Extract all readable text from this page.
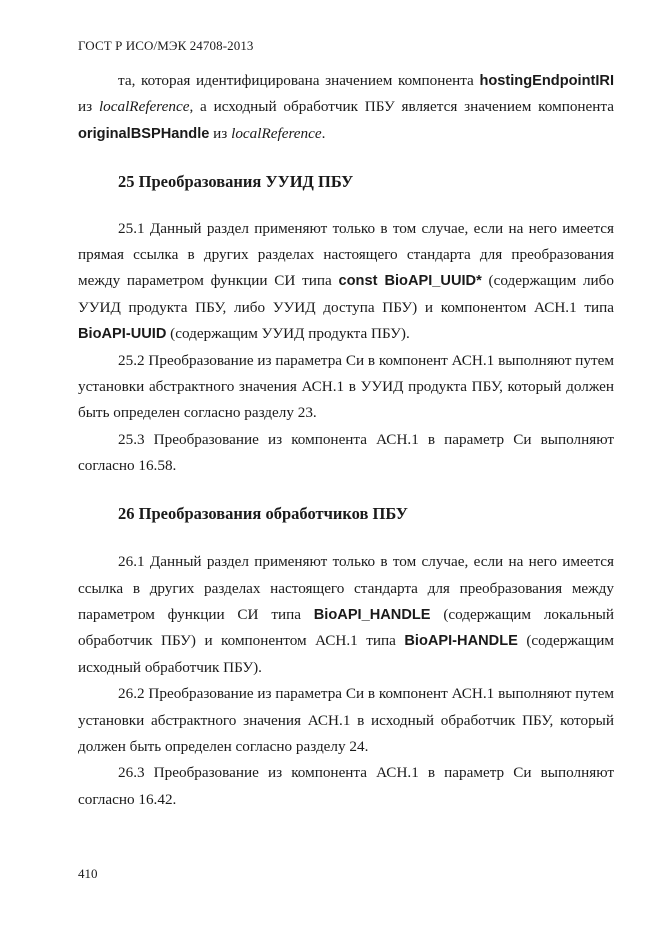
ГОСТ Р ИСО/МЭК 24708-2013

та, которая идентифицирована значением компонента hostingEndpointIRI из localReference, а исходный обработчик ПБУ является значением компонента originalBSPHandle из localReference.

25 Преобразования УУИД ПБУ

25.1 Данный раздел применяют только в том случае, если на него имеется прямая ссылка в других разделах настоящего стандарта для преобразования между параметром функции СИ типа const BioAPI_UUID* (содержащим либо УУИД продукта ПБУ, либо УУИД доступа ПБУ) и компонентом АСН.1 типа BioAPI-UUID (содержащим УУИД продукта ПБУ).

25.2 Преобразование из параметра Си в компонент АСН.1 выполняют путем установки абстрактного значения АСН.1 в УУИД продукта ПБУ, который должен быть определен согласно разделу 23.

25.3 Преобразование из компонента АСН.1 в параметр Си выполняют согласно 16.58.

26 Преобразования обработчиков ПБУ

26.1 Данный раздел применяют только в том случае, если на него имеется ссылка в других разделах настоящего стандарта для преобразования между параметром функции СИ типа BioAPI_HANDLE (содержащим локальный обработчик ПБУ) и компонентом АСН.1 типа BioAPI-HANDLE (содержащим исходный обработчик ПБУ).

26.2 Преобразование из параметра Си в компонент АСН.1 выполняют путем установки абстрактного значения АСН.1 в исходный обработчик ПБУ, который должен быть определен согласно разделу 24.

26.3 Преобразование из компонента АСН.1 в параметр Си выполняют согласно 16.42.

410
